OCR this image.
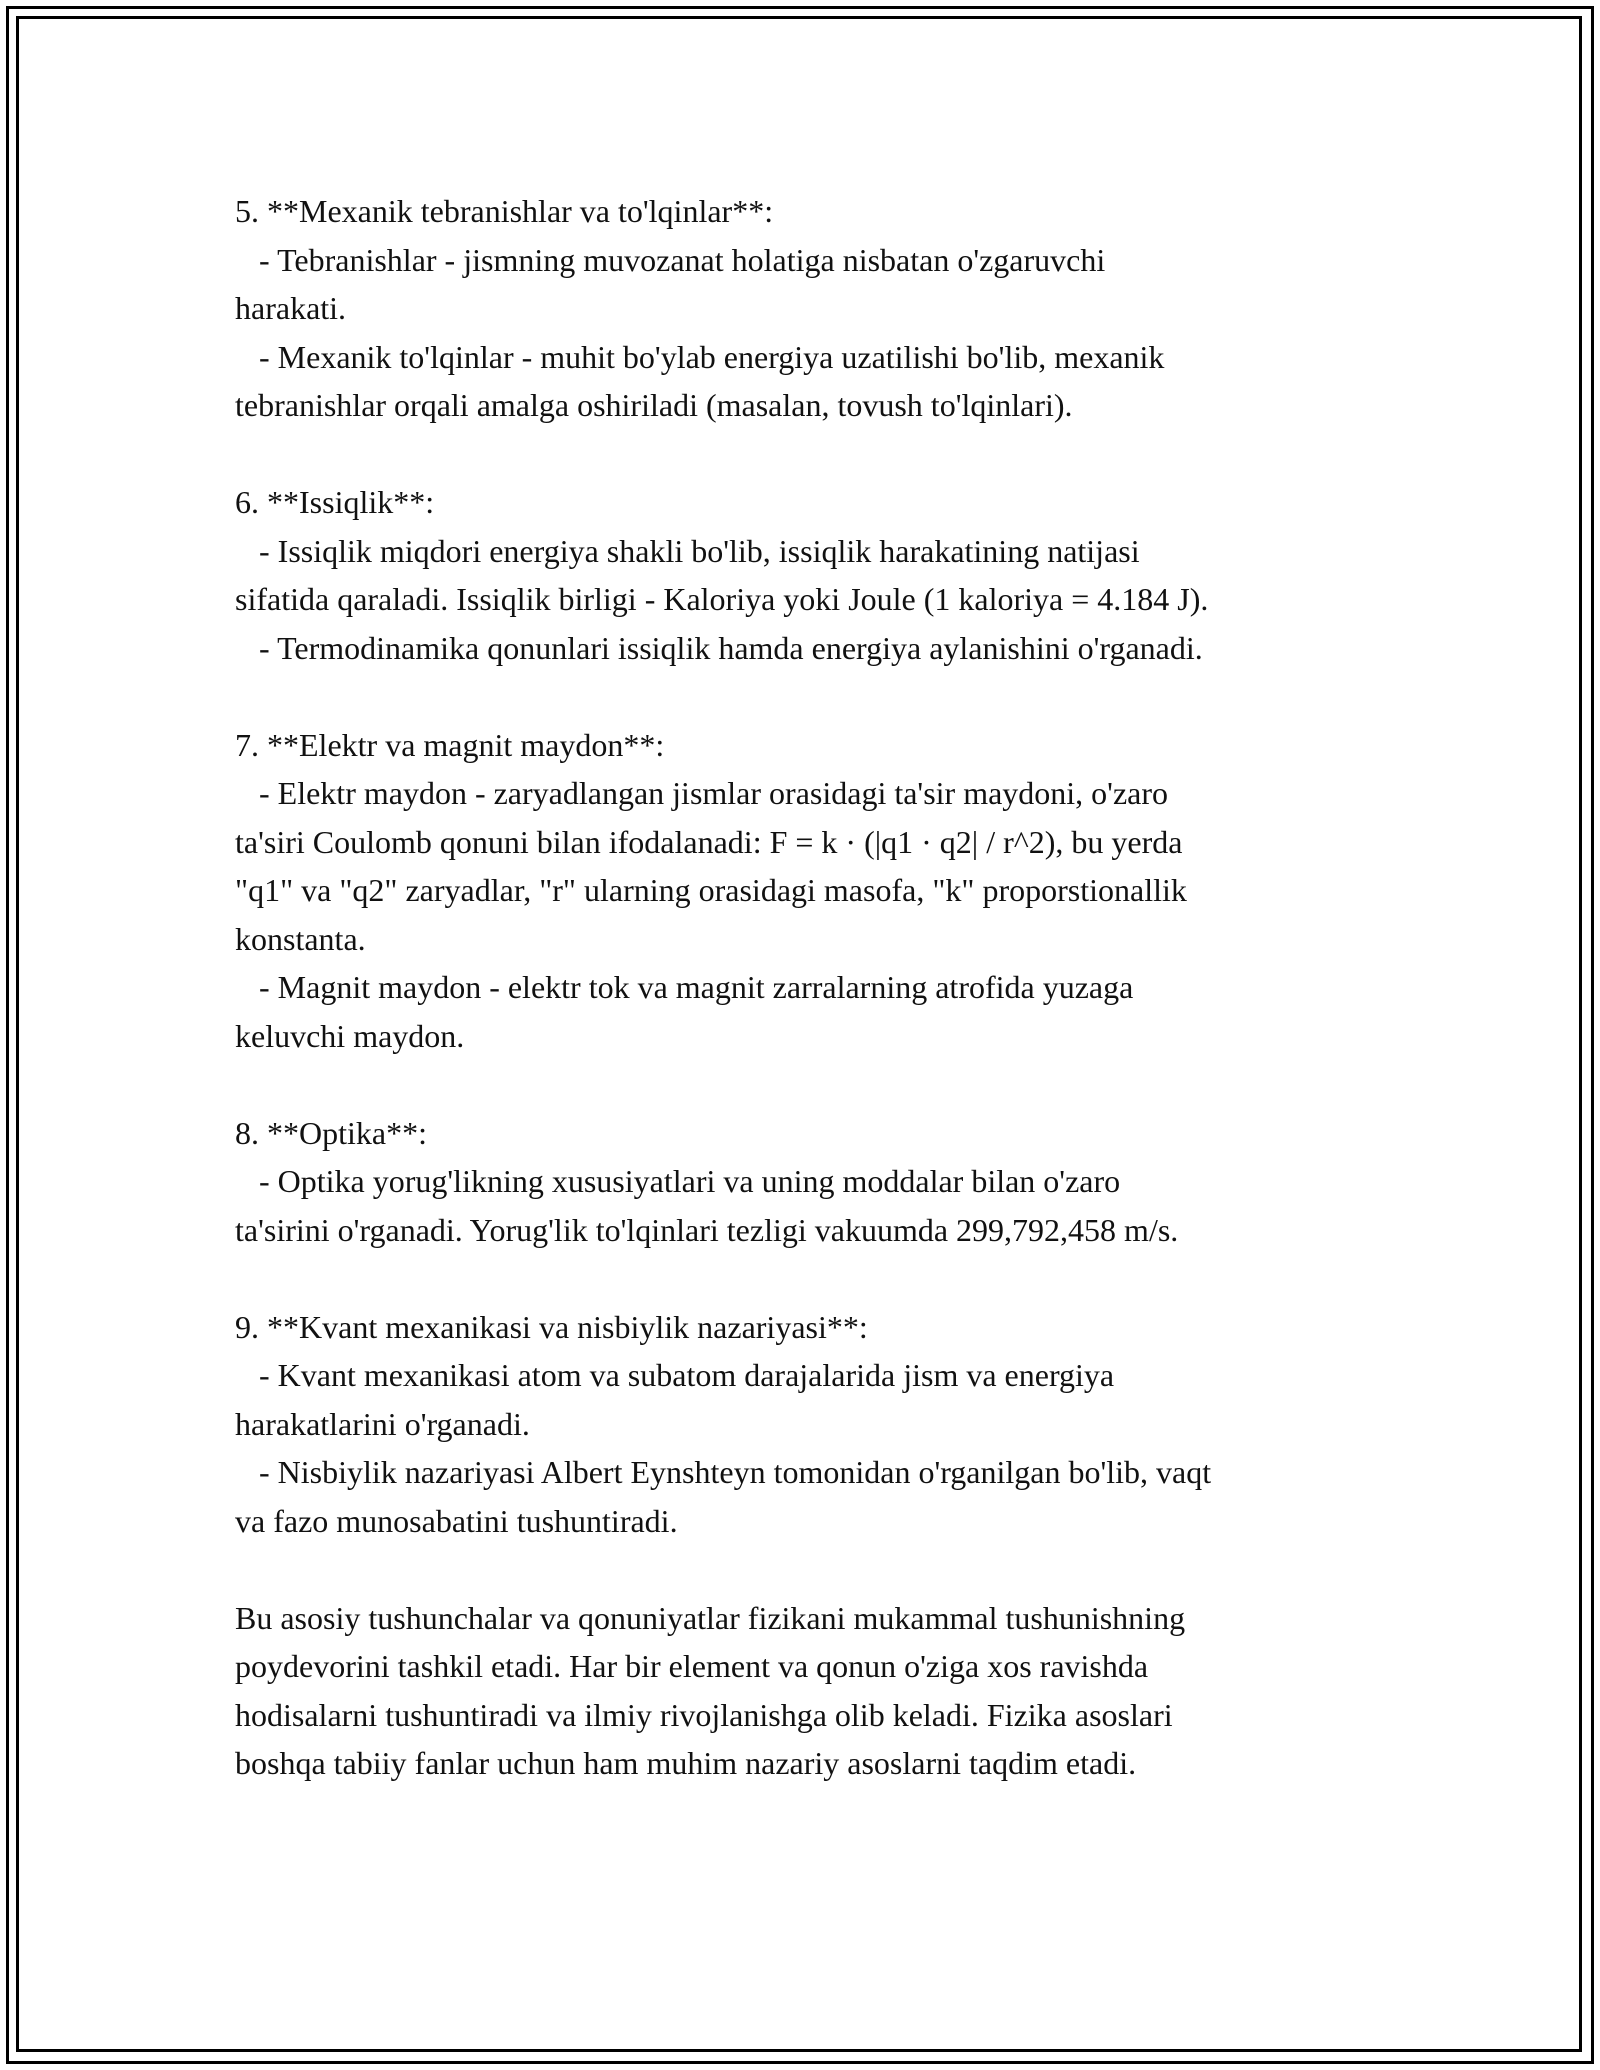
5. **Mexanik tebranishlar va to'lqinlar**:

- Tebranishlar - jismning muvozanat holatiga nisbatan o'zgaruvchi

harakati.

- Mexanik to'lqinlar - muhit bo'ylab energiya uzatilishi bo'lib, mexanik

tebranishlar orqali amalga oshiriladi (masalan, tovush to'lqinlari).

6. **Issiqlik**:

- Issiqlik miqdori energiya shakli bo'lib, issiqlik harakatining natijasi

sifatida qaraladi. Issiqlik birligi - Kaloriya yoki Joule (1 kaloriya = 4.184 J).

- Termodinamika qonunlari issiqlik hamda energiya aylanishini o'rganadi.

7. **Elektr va magnit maydon**:

- Elektr maydon - zaryadlangan jismlar orasidagi ta'sir maydoni, o'zaro

ta'siri Coulomb qonuni bilan ifodalanadi: F = k · (|q1 · q2| / r^2), bu yerda

"q1" va "q2" zaryadlar, "r" ularning orasidagi masofa, "k" proporstionallik

konstanta.

- Magnit maydon - elektr tok va magnit zarralarning atrofida yuzaga

keluvchi maydon.

8. **Optika**:

- Optika yorug'likning xususiyatlari va uning moddalar bilan o'zaro

ta'sirini o'rganadi. Yorug'lik to'lqinlari tezligi vakuumda 299,792,458 m/s.

9. **Kvant mexanikasi va nisbiylik nazariyasi**:

- Kvant mexanikasi atom va subatom darajalarida jism va energiya

harakatlarini o'rganadi.

- Nisbiylik nazariyasi Albert Eynshteyn tomonidan o'rganilgan bo'lib, vaqt

va fazo munosabatini tushuntiradi.

Bu asosiy tushunchalar va qonuniyatlar fizikani mukammal tushunishning

poydevorini tashkil etadi. Har bir element va qonun o'ziga xos ravishda

hodisalarni tushuntiradi va ilmiy rivojlanishga olib keladi. Fizika asoslari

boshqa tabiiy fanlar uchun ham muhim nazariy asoslarni taqdim etadi.
